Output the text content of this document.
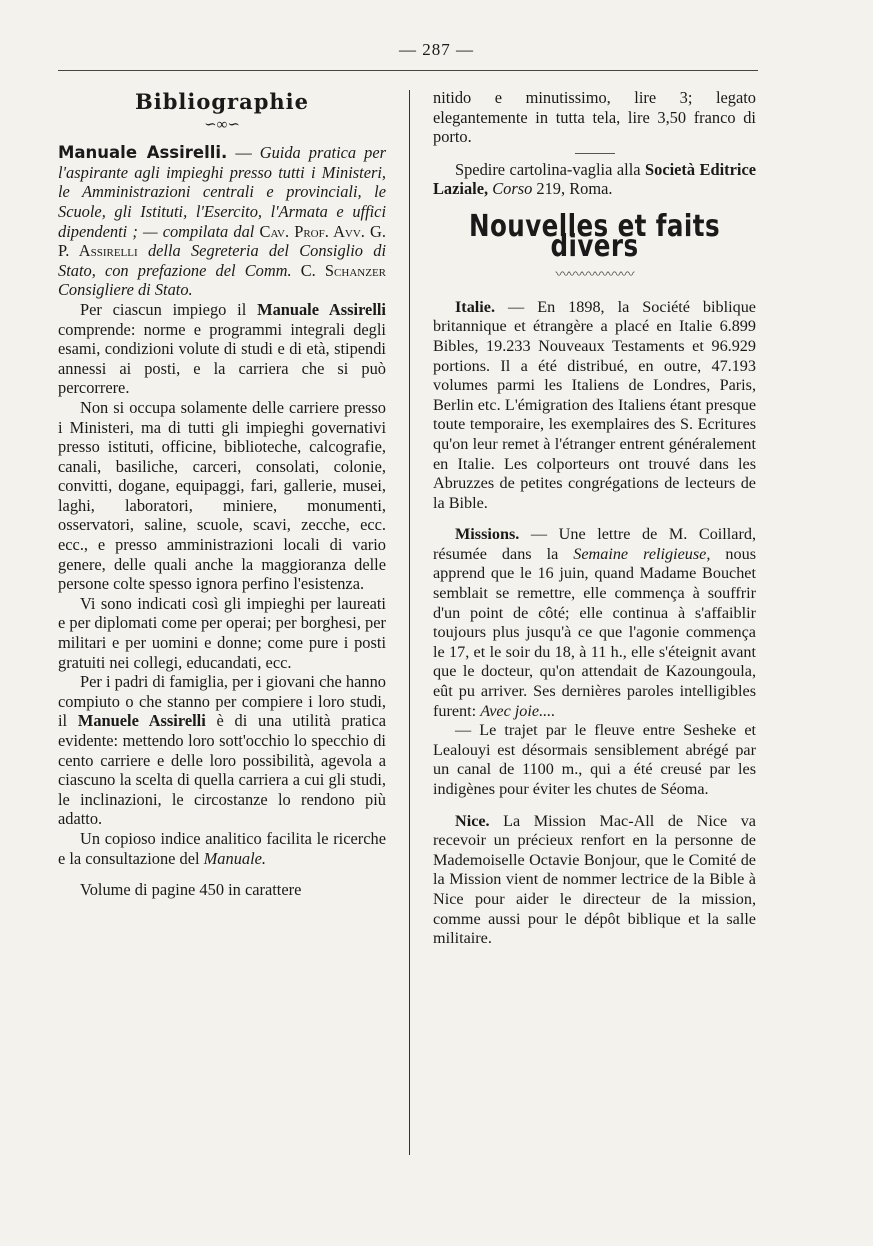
— 287 —
Bibliographie
∽∞∽

Manuale Assirelli. — Guida pratica per l'aspirante agli impieghi presso tutti i Ministeri, le Amministrazioni centrali e provinciali, le Scuole, gli Istituti, l'Esercito, l'Armata e uffici dipendenti ; — compilata dal Cav. Prof. Avv. G. P. Assirelli della Segreteria del Consiglio di Stato, con prefazione del Comm. C. Schanzer Consigliere di Stato.

Per ciascun impiego il Manuale Assirelli comprende: norme e programmi integrali degli esami, condizioni volute di studi e di età, stipendi annessi ai posti, e la carriera che si può percorrere.

Non si occupa solamente delle carriere presso i Ministeri, ma di tutti gli impieghi governativi presso istituti, officine, biblioteche, calcografie, canali, basiliche, carceri, consolati, colonie, convitti, dogane, equipaggi, fari, gallerie, musei, laghi, laboratori, miniere, monumenti, osservatori, saline, scuole, scavi, zecche, ecc. ecc., e presso amministrazioni locali di vario genere, delle quali anche la maggioranza delle persone colte spesso ignora perfino l'esistenza.

Vi sono indicati così gli impieghi per laureati e per diplomati come per operai; per borghesi, per militari e per uomini e donne; come pure i posti gratuiti nei collegi, educandati, ecc.

Per i padri di famiglia, per i giovani che hanno compiuto o che stanno per compiere i loro studi, il Manuele Assirelli è di una utilità pratica evidente: mettendo loro sott'occhio lo specchio di cento carriere e delle loro possibilità, agevola a ciascuno la scelta di quella carriera a cui gli studi, le inclinazioni, le circostanze lo rendono più adatto.

Un copioso indice analitico facilita le ricerche e la consultazione del Manuale.

Volume di pagine 450 in carattere

nitido e minutissimo, lire 3; legato elegantemente in tutta tela, lire 3,50 franco di porto.

Spedire cartolina-vaglia alla Società Editrice Laziale, Corso 219, Roma.

Nouvelles et faits divers
〰〰〰〰〰〰

Italie. — En 1898, la Société biblique britannique et étrangère a placé en Italie 6.899 Bibles, 19.233 Nouveaux Testaments et 96.929 portions. Il a été distribué, en outre, 47.193 volumes parmi les Italiens de Londres, Paris, Berlin etc. L'émigration des Italiens étant presque toute temporaire, les exemplaires des S. Ecritures qu'on leur remet à l'étranger entrent généralement en Italie. Les colporteurs ont trouvé dans les Abruzzes de petites congrégations de lecteurs de la Bible.

Missions. — Une lettre de M. Coillard, résumée dans la Semaine religieuse, nous apprend que le 16 juin, quand Madame Bouchet semblait se remettre, elle commença à souffrir d'un point de côté; elle continua à s'affaiblir toujours plus jusqu'à ce que l'agonie commença le 17, et le soir du 18, à 11 h., elle s'éteignit avant que le docteur, qu'on attendait de Kazoungoula, eût pu arriver. Ses dernières paroles intelligibles furent: Avec joie....

— Le trajet par le fleuve entre Sesheke et Lealouyi est désormais sensiblement abrégé par un canal de 1100 m., qui a été creusé par les indigènes pour éviter les chutes de Séoma.

Nice. La Mission Mac-All de Nice va recevoir un précieux renfort en la personne de Mademoiselle Octavie Bonjour, que le Comité de la Mission vient de nommer lectrice de la Bible à Nice pour aider le directeur de la mission, comme aussi pour le dépôt biblique et la salle militaire.
